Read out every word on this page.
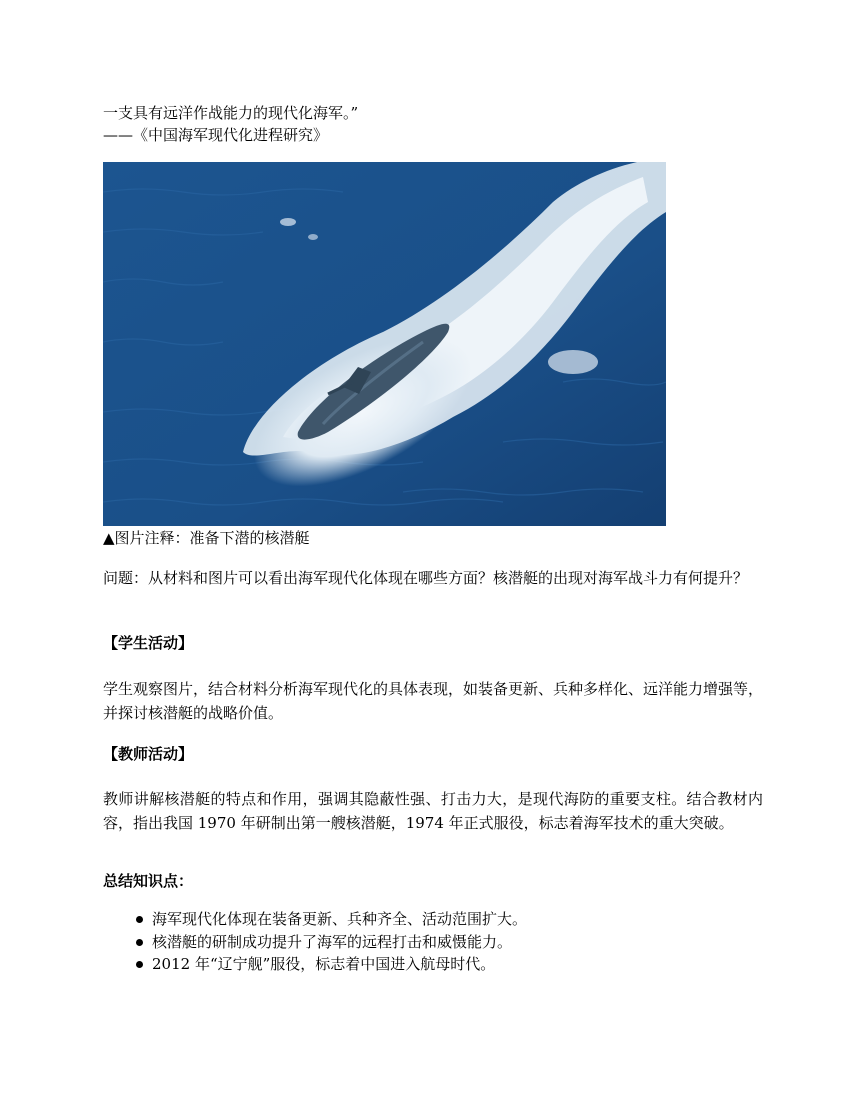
一支具有远洋作战能力的现代化海军。”
——《中国海军现代化进程研究》
▲图片注释：准备下潜的核潜艇
问题：从材料和图片可以看出海军现代化体现在哪些方面？核潜艇的出现对海军战斗力有何提升？
【学生活动】
学生观察图片，结合材料分析海军现代化的具体表现，如装备更新、兵种多样化、远洋能力增强等，并探讨核潜艇的战略价值。
【教师活动】
教师讲解核潜艇的特点和作用，强调其隐蔽性强、打击力大，是现代海防的重要支柱。结合教材内容，指出我国 1970 年研制出第一艘核潜艇，1974 年正式服役，标志着海军技术的重大突破。
总结知识点：
海军现代化体现在装备更新、兵种齐全、活动范围扩大。
核潜艇的研制成功提升了海军的远程打击和威慑能力。
2012 年“辽宁舰”服役，标志着中国进入航母时代。
